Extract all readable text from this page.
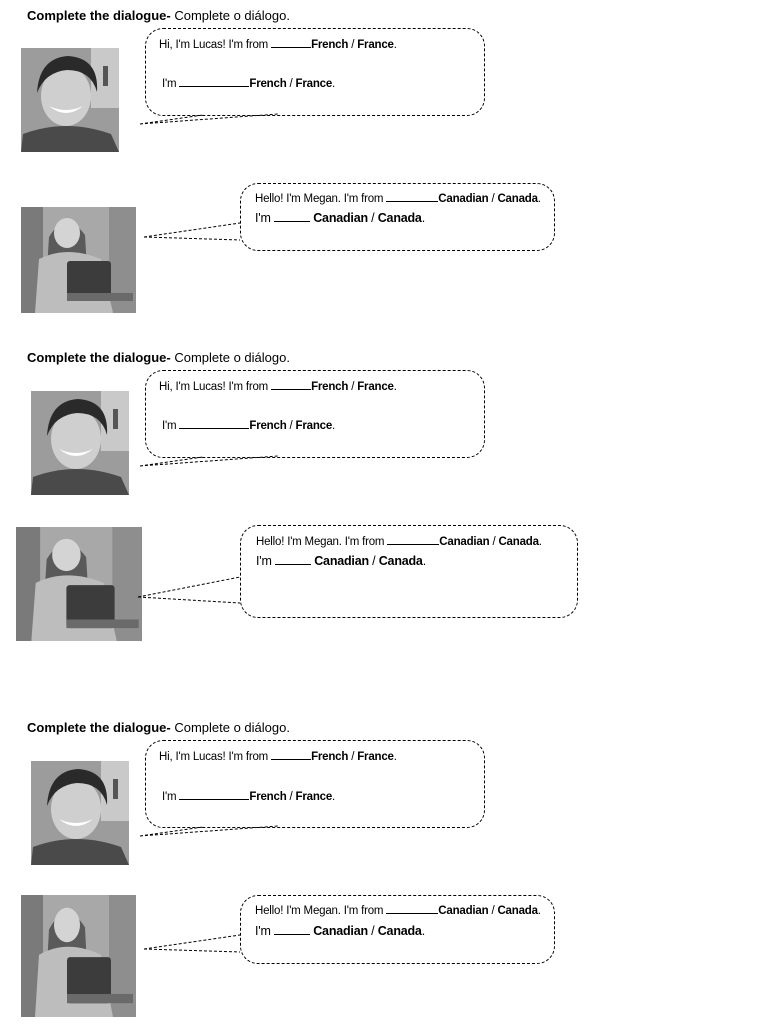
Complete the dialogue- Complete o diálogo.
Hi, I'm Lucas! I'm from	French / France.
I'm	French / France.
Hello! I'm Megan. I'm from	Canadian / Canada.
I'm	Canadian / Canada.
Complete the dialogue- Complete o diálogo.
Hi, I'm Lucas! I'm from	French / France.
I'm	French / France.
Hello! I'm Megan. I'm from	Canadian / Canada.
I'm	Canadian / Canada.
Complete the dialogue- Complete o diálogo.
Hi, I'm Lucas! I'm from	French / France.
I'm	French / France.
Hello! I'm Megan. I'm from	Canadian / Canada.
I'm	Canadian / Canada.
